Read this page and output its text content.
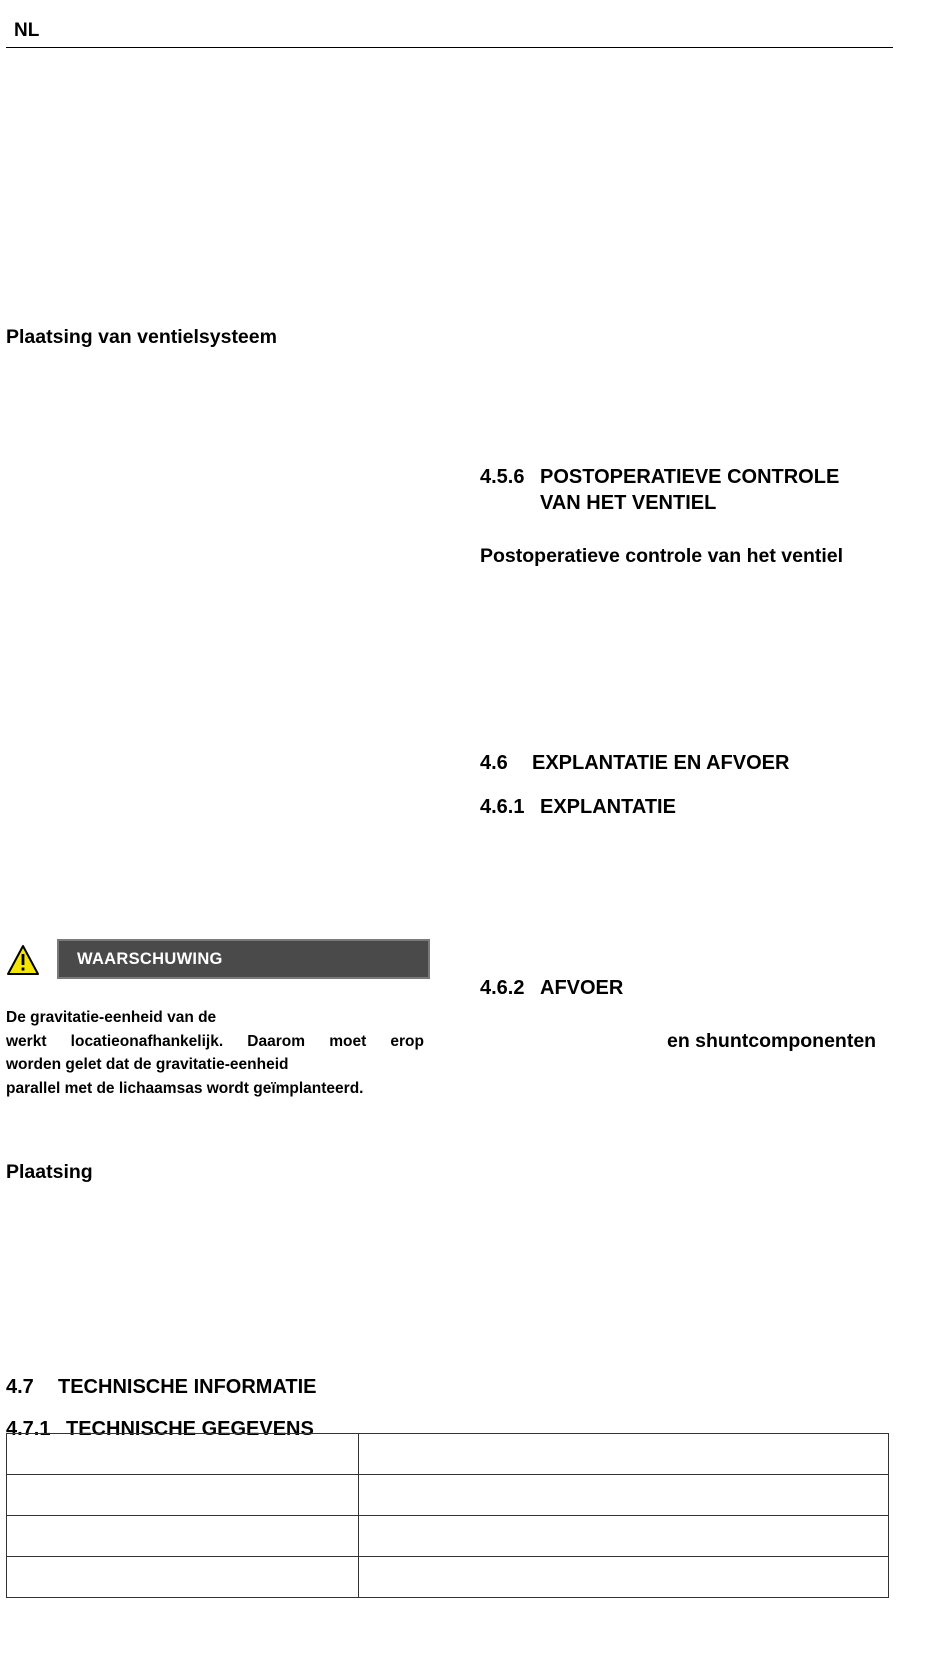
NL
Plaatsing van ventielsysteem
4.5.6 POSTOPERATIEVE CONTROLE
VAN HET VENTIEL
Postoperatieve controle van het ventiel
4.6 EXPLANTATIE EN AFVOER
4.6.1 EXPLANTATIE
WAARSCHUWING
4.6.2 AFVOER
De gravitatie-eenheid van de
werkt locatieonafhankelijk. Daarom moet erop
worden gelet dat de gravitatie-eenheid
parallel met de lichaamsas wordt geïmplanteerd.
en shuntcomponenten
Plaatsing
4.7 TECHNISCHE INFORMATIE
4.7.1 TECHNISCHE GEGEVENS
